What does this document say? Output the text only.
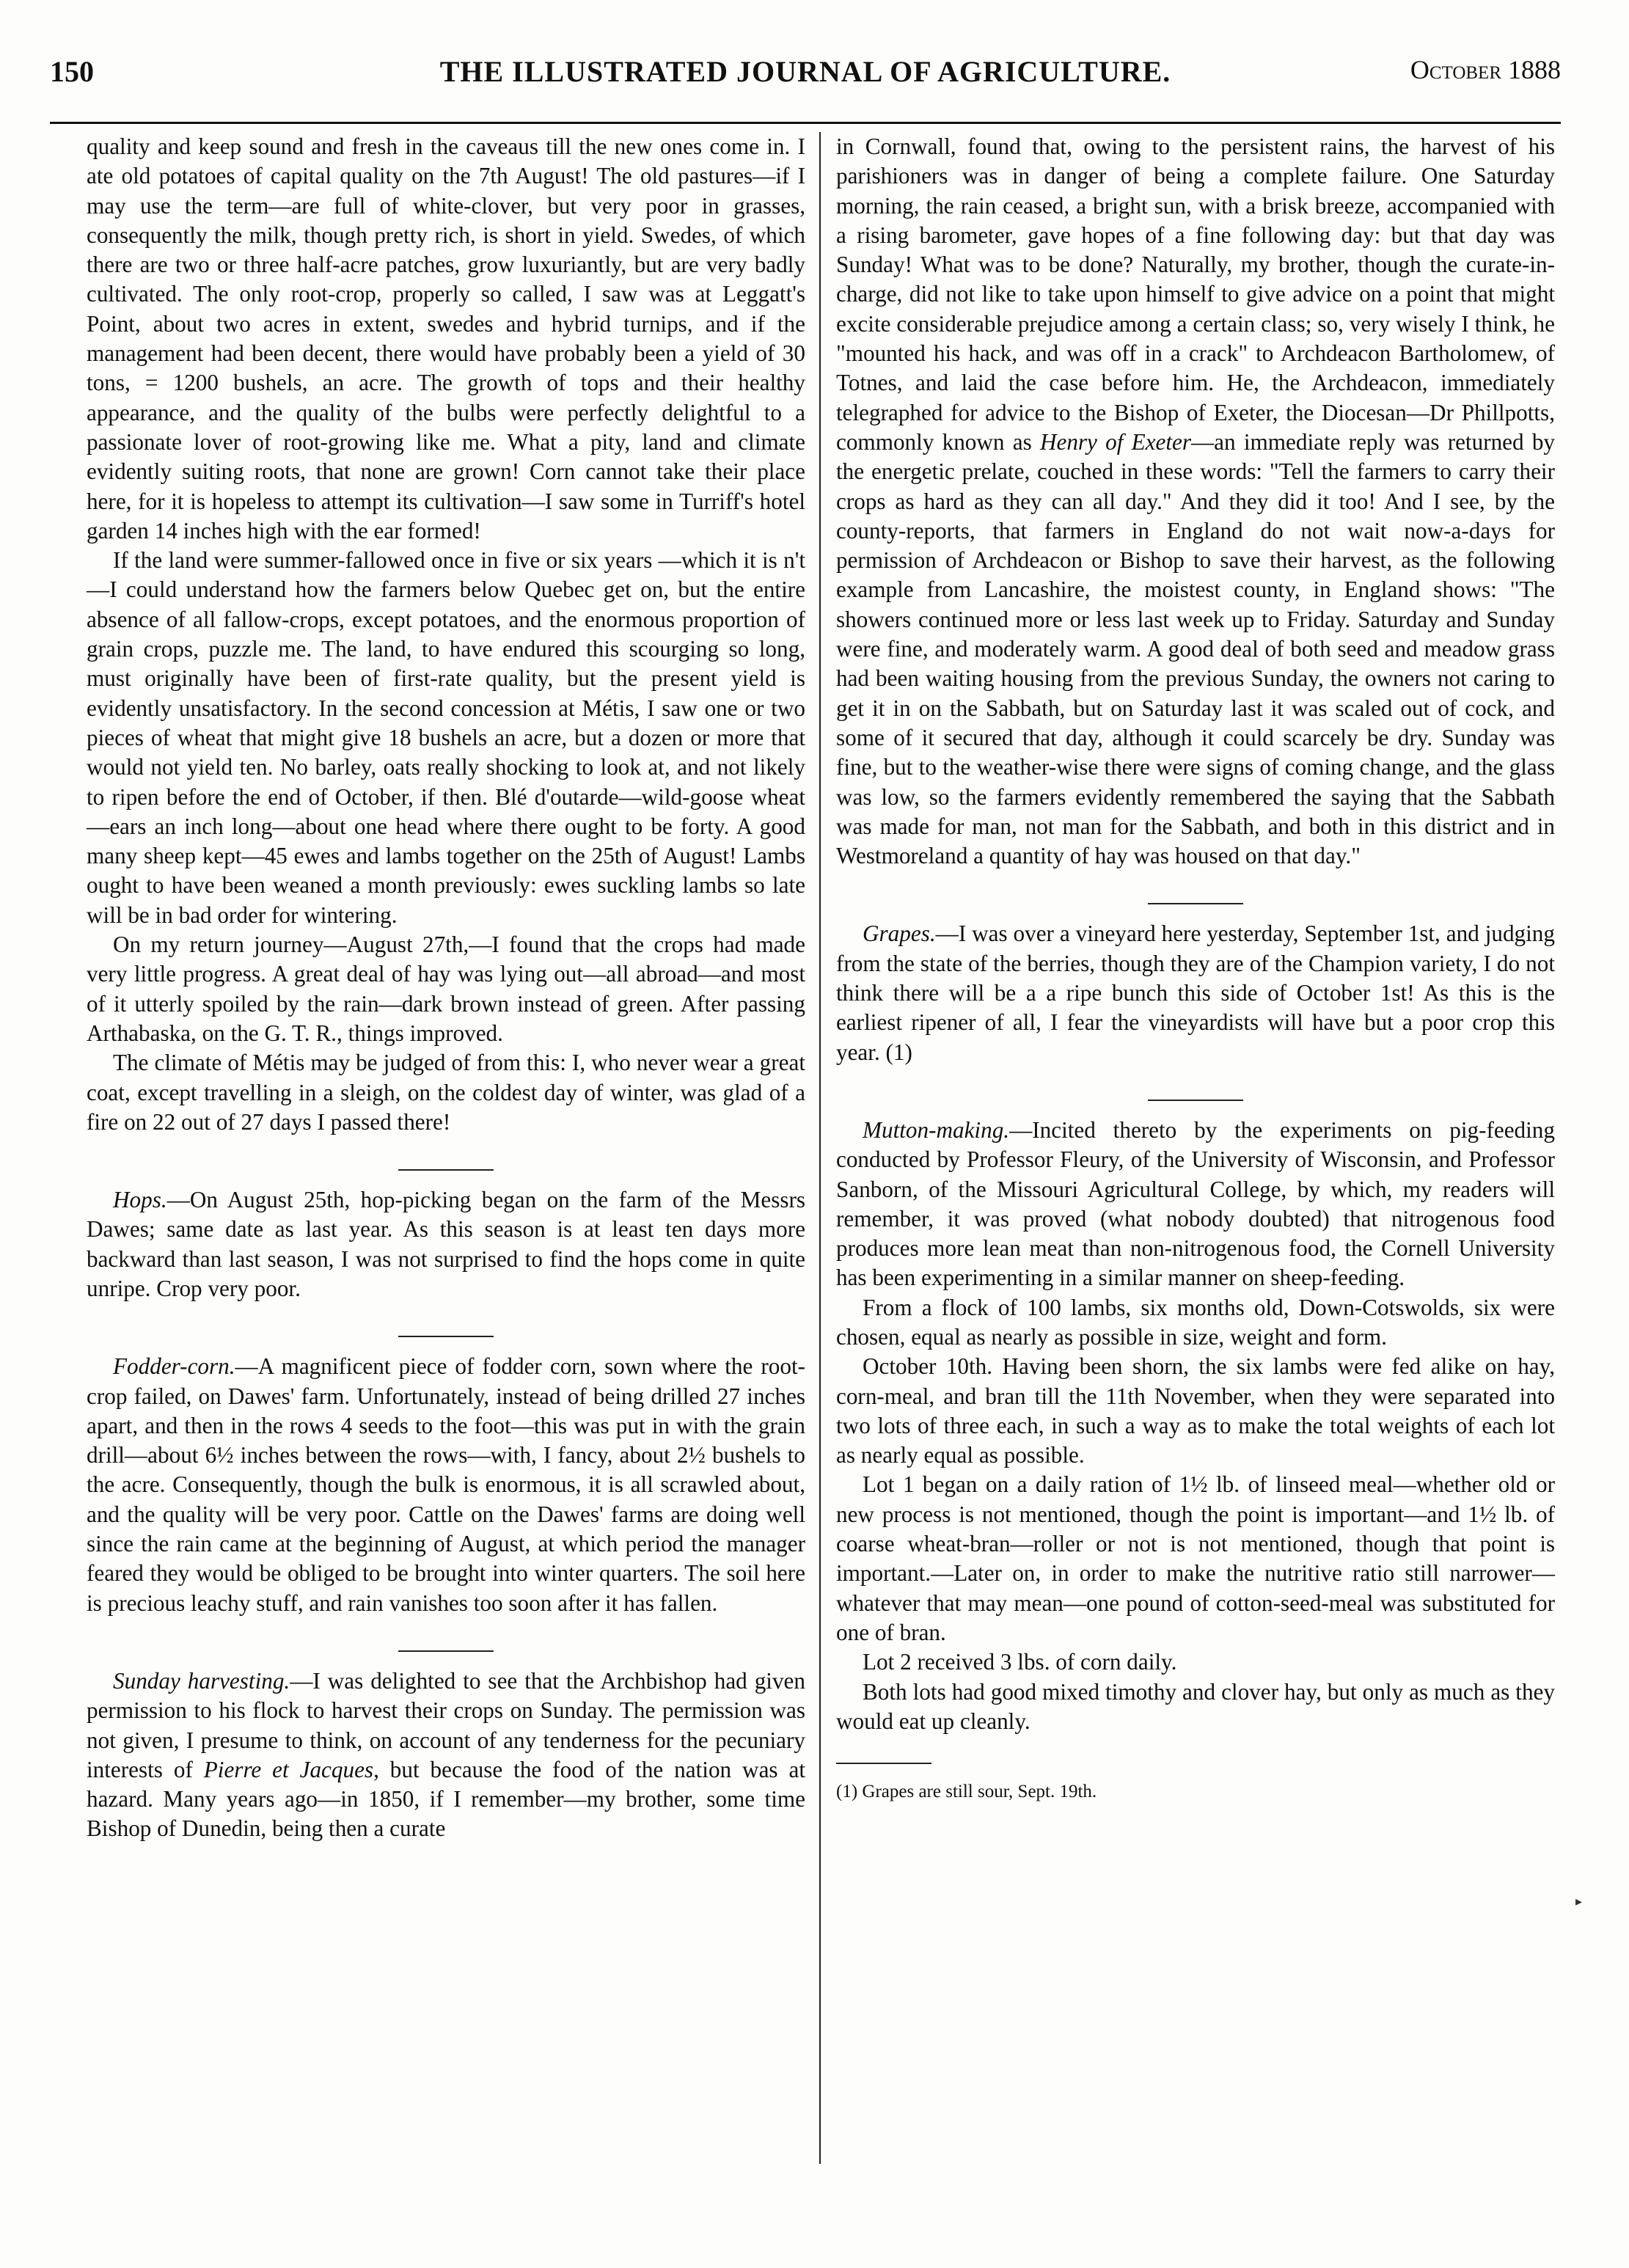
THE ILLUSTRATED JOURNAL OF AGRICULTURE.
150	October 1888

quality and keep sound and fresh in the caveaus till the new ones come in. I ate old potatoes of capital quality on the 7th August! The old pastures—if I may use the term—are full of white-clover, but very poor in grasses, consequently the milk, though pretty rich, is short in yield. Swedes, of which there are two or three half-acre patches, grow luxuriantly, but are very badly cultivated. The only root-crop, properly so called, I saw was at Leggatt's Point, about two acres in extent, swedes and hybrid turnips, and if the management had been decent, there would have probably been a yield of 30 tons, = 1200 bushels, an acre. The growth of tops and their healthy appearance, and the quality of the bulbs were perfectly delightful to a passionate lover of root-growing like me. What a pity, land and climate evidently suiting roots, that none are grown! Corn cannot take their place here, for it is hopeless to attempt its cultivation—I saw some in Turriff's hotel garden 14 inches high with the ear formed!

If the land were summer-fallowed once in five or six years —which it is n't —I could understand how the farmers below Quebec get on, but the entire absence of all fallow-crops, except potatoes, and the enormous proportion of grain crops, puzzle me. The land, to have endured this scourging so long, must originally have been of first-rate quality, but the present yield is evidently unsatisfactory. In the second concession at Métis, I saw one or two pieces of wheat that might give 18 bushels an acre, but a dozen or more that would not yield ten. No barley, oats really shocking to look at, and not likely to ripen before the end of October, if then. Blé d'outarde—wild-goose wheat—ears an inch long—about one head where there ought to be forty. A good many sheep kept—45 ewes and lambs together on the 25th of August! Lambs ought to have been weaned a month previously: ewes suckling lambs so late will be in bad order for wintering.

On my return journey—August 27th,—I found that the crops had made very little progress. A great deal of hay was lying out—all abroad—and most of it utterly spoiled by the rain—dark brown instead of green. After passing Arthabaska, on the G. T. R., things improved.

The climate of Métis may be judged of from this: I, who never wear a great coat, except travelling in a sleigh, on the coldest day of winter, was glad of a fire on 22 out of 27 days I passed there!

Hops.—On August 25th, hop-picking began on the farm of the Messrs Dawes; same date as last year. As this season is at least ten days more backward than last season, I was not surprised to find the hops come in quite unripe. Crop very poor.

Fodder-corn.—A magnificent piece of fodder corn, sown where the root-crop failed, on Dawes' farm. Unfortunately, instead of being drilled 27 inches apart, and then in the rows 4 seeds to the foot—this was put in with the grain drill—about 6½ inches between the rows—with, I fancy, about 2½ bushels to the acre. Consequently, though the bulk is enormous, it is all scrawled about, and the quality will be very poor. Cattle on the Dawes' farms are doing well since the rain came at the beginning of August, at which period the manager feared they would be obliged to be brought into winter quarters. The soil here is precious leachy stuff, and rain vanishes too soon after it has fallen.

Sunday harvesting.—I was delighted to see that the Archbishop had given permission to his flock to harvest their crops on Sunday. The permission was not given, I presume to think, on account of any tenderness for the pecuniary interests of Pierre et Jacques, but because the food of the nation was at hazard. Many years ago—in 1850, if I remember—my brother, some time Bishop of Dunedin, being then a curate

in Cornwall, found that, owing to the persistent rains, the harvest of his parishioners was in danger of being a complete failure. One Saturday morning, the rain ceased, a bright sun, with a brisk breeze, accompanied with a rising barometer, gave hopes of a fine following day: but that day was Sunday! What was to be done? Naturally, my brother, though the curate-in-charge, did not like to take upon himself to give advice on a point that might excite considerable prejudice among a certain class; so, very wisely I think, he "mounted his hack, and was off in a crack" to Archdeacon Bartholomew, of Totnes, and laid the case before him. He, the Archdeacon, immediately telegraphed for advice to the Bishop of Exeter, the Diocesan—Dr Phillpotts, commonly known as Henry of Exeter—an immediate reply was returned by the energetic prelate, couched in these words: "Tell the farmers to carry their crops as hard as they can all day." And they did it too! And I see, by the county-reports, that farmers in England do not wait now-a-days for permission of Archdeacon or Bishop to save their harvest, as the following example from Lancashire, the moistest county, in England shows: "The showers continued more or less last week up to Friday. Saturday and Sunday were fine, and moderately warm. A good deal of both seed and meadow grass had been waiting housing from the previous Sunday, the owners not caring to get it in on the Sabbath, but on Saturday last it was scaled out of cock, and some of it secured that day, although it could scarcely be dry. Sunday was fine, but to the weather-wise there were signs of coming change, and the glass was low, so the farmers evidently remembered the saying that the Sabbath was made for man, not man for the Sabbath, and both in this district and in Westmoreland a quantity of hay was housed on that day."

Grapes.—I was over a vineyard here yesterday, September 1st, and judging from the state of the berries, though they are of the Champion variety, I do not think there will be a a ripe bunch this side of October 1st! As this is the earliest ripener of all, I fear the vineyardists will have but a poor crop this year. (1)

Mutton-making.—Incited thereto by the experiments on pig-feeding conducted by Professor Fleury, of the University of Wisconsin, and Professor Sanborn, of the Missouri Agricultural College, by which, my readers will remember, it was proved (what nobody doubted) that nitrogenous food produces more lean meat than non-nitrogenous food, the Cornell University has been experimenting in a similar manner on sheep-feeding.

From a flock of 100 lambs, six months old, Down-Cotswolds, six were chosen, equal as nearly as possible in size, weight and form.

October 10th. Having been shorn, the six lambs were fed alike on hay, corn-meal, and bran till the 11th November, when they were separated into two lots of three each, in such a way as to make the total weights of each lot as nearly equal as possible.

Lot 1 began on a daily ration of 1½ lb. of linseed meal—whether old or new process is not mentioned, though the point is important—and 1½ lb. of coarse wheat-bran—roller or not is not mentioned, though that point is important.—Later on, in order to make the nutritive ratio still narrower—whatever that may mean—one pound of cotton-seed-meal was substituted for one of bran.

Lot 2 received 3 lbs. of corn daily.

Both lots had good mixed timothy and clover hay, but only as much as they would eat up cleanly.

(1) Grapes are still sour, Sept. 19th.

▸
